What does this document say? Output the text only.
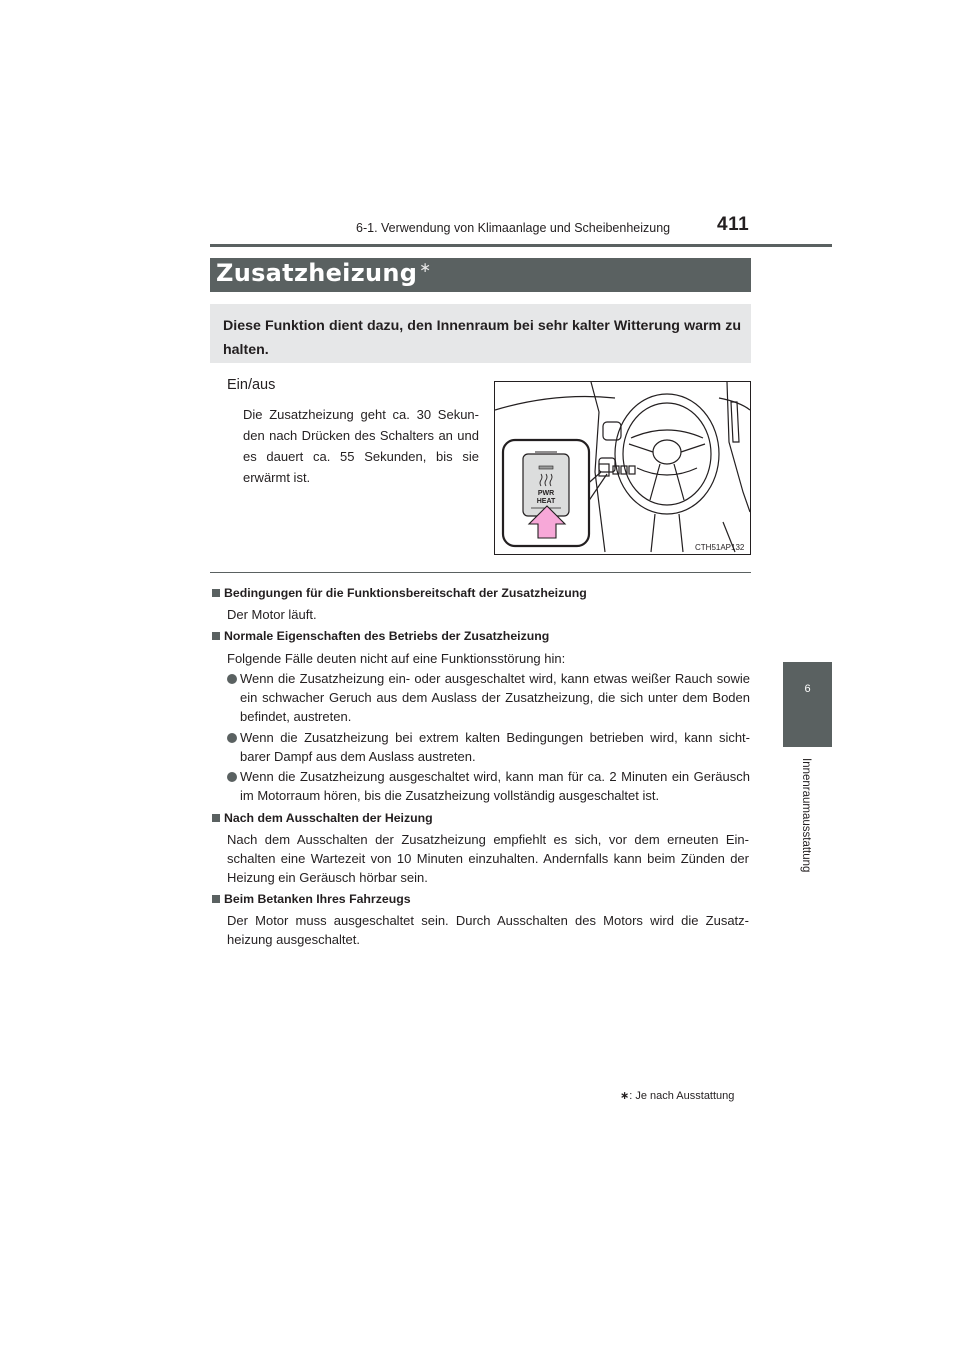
6-1. Verwendung von Klimaanlage und Scheibenheizung 411
6
Innenraumausstattung
Zusatzheizung ∗
Diese Funktion dient dazu, den Innenraum bei sehr kalter Witterung warm zu halten.
Ein/aus
Die Zusatzheizung geht ca. 30 Sekun-den nach Drücken des Schalters an und es dauert ca. 55 Sekunden, bis sie erwärmt ist.
PWR
HEAT
CTH51AP132
Bedingungen für die Funktionsbereitschaft der Zusatzheizung
Der Motor läuft.
Normale Eigenschaften des Betriebs der Zusatzheizung
Folgende Fälle deuten nicht auf eine Funktionsstörung hin:
Wenn die Zusatzheizung ein- oder ausgeschaltet wird, kann etwas weißer Rauch sowie ein schwacher Geruch aus dem Auslass der Zusatzheizung, die sich unter dem Boden befindet, austreten.
Wenn die Zusatzheizung bei extrem kalten Bedingungen betrieben wird, kann sicht-barer Dampf aus dem Auslass austreten.
Wenn die Zusatzheizung ausgeschaltet wird, kann man für ca. 2 Minuten ein Geräusch im Motorraum hören, bis die Zusatzheizung vollständig ausgeschaltet ist.
Nach dem Ausschalten der Heizung
Nach dem Ausschalten der Zusatzheizung empfiehlt es sich, vor dem erneuten Ein-schalten eine Wartezeit von 10 Minuten einzuhalten. Andernfalls kann beim Zünden der Heizung ein Geräusch hörbar sein.
Beim Betanken Ihres Fahrzeugs
Der Motor muss ausgeschaltet sein. Durch Ausschalten des Motors wird die Zusatz-heizung ausgeschaltet.
∗: Je nach Ausstattung
